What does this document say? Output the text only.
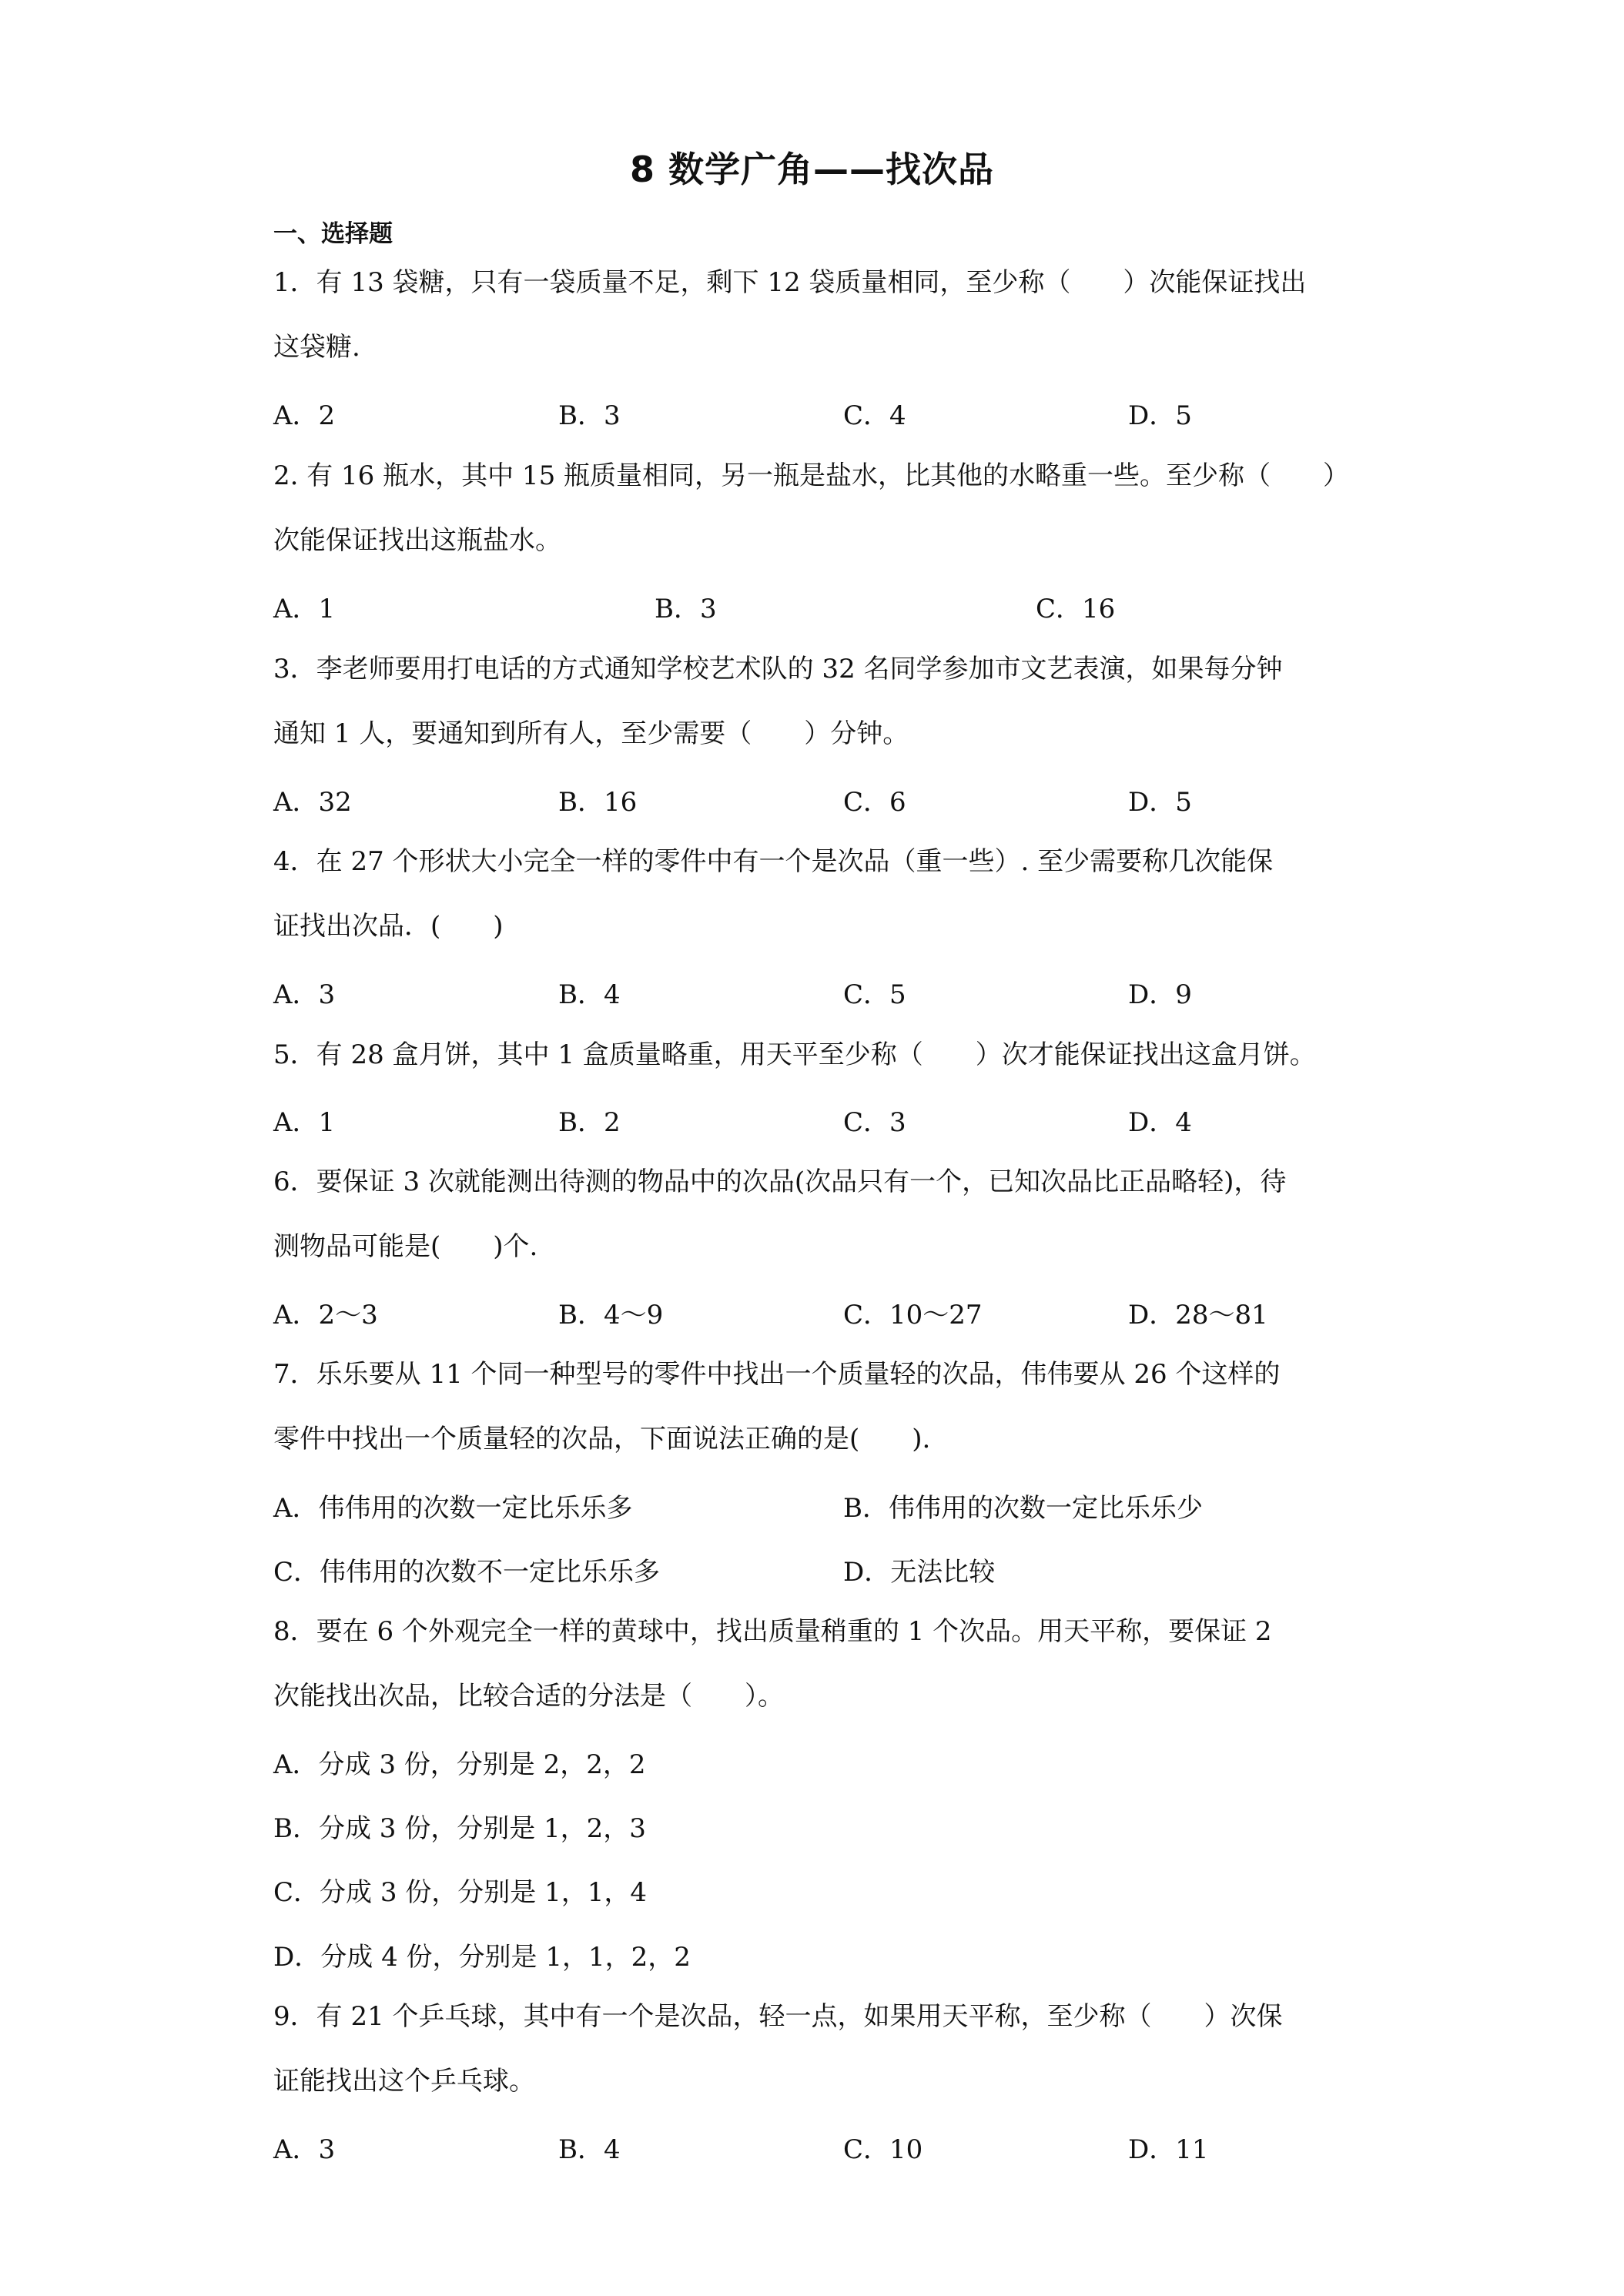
8 数学广角——找次品
一、选择题
1．有 13 袋糖，只有一袋质量不足，剩下 12 袋质量相同，至少称（　　）次能保证找出
这袋糖.
A．2	B．3	C．4	D．5
2. 有 16 瓶水，其中 15 瓶质量相同，另一瓶是盐水，比其他的水略重一些。至少称（　　）
次能保证找出这瓶盐水。
A．1	B．3	C．16
3．李老师要用打电话的方式通知学校艺术队的 32 名同学参加市文艺表演，如果每分钟
通知 1 人，要通知到所有人，至少需要（　　）分钟。
A．32	B．16	C．6	D．5
4．在 27 个形状大小完全一样的零件中有一个是次品（重一些）. 至少需要称几次能保
证找出次品．(　　)
A．3	B．4	C．5	D．9
5．有 28 盒月饼，其中 1 盒质量略重，用天平至少称（　　）次才能保证找出这盒月饼。
A．1	B．2	C．3	D．4
6．要保证 3 次就能测出待测的物品中的次品(次品只有一个，已知次品比正品略轻)，待
测物品可能是(　　)个.
A．2～3	B．4～9	C．10～27	D．28～81
7．乐乐要从 11 个同一种型号的零件中找出一个质量轻的次品，伟伟要从 26 个这样的
零件中找出一个质量轻的次品，下面说法正确的是(　　).
A．伟伟用的次数一定比乐乐多	B．伟伟用的次数一定比乐乐少
C．伟伟用的次数不一定比乐乐多	D．无法比较
8．要在 6 个外观完全一样的黄球中，找出质量稍重的 1 个次品。用天平称，要保证 2
次能找出次品，比较合适的分法是（　　）。
A．分成 3 份，分别是 2，2，2
B．分成 3 份，分别是 1，2，3
C．分成 3 份，分别是 1，1，4
D．分成 4 份，分别是 1，1，2，2
9．有 21 个乒乓球，其中有一个是次品，轻一点，如果用天平称，至少称（　　）次保
证能找出这个乒乓球。
A．3	B．4	C．10	D．11
